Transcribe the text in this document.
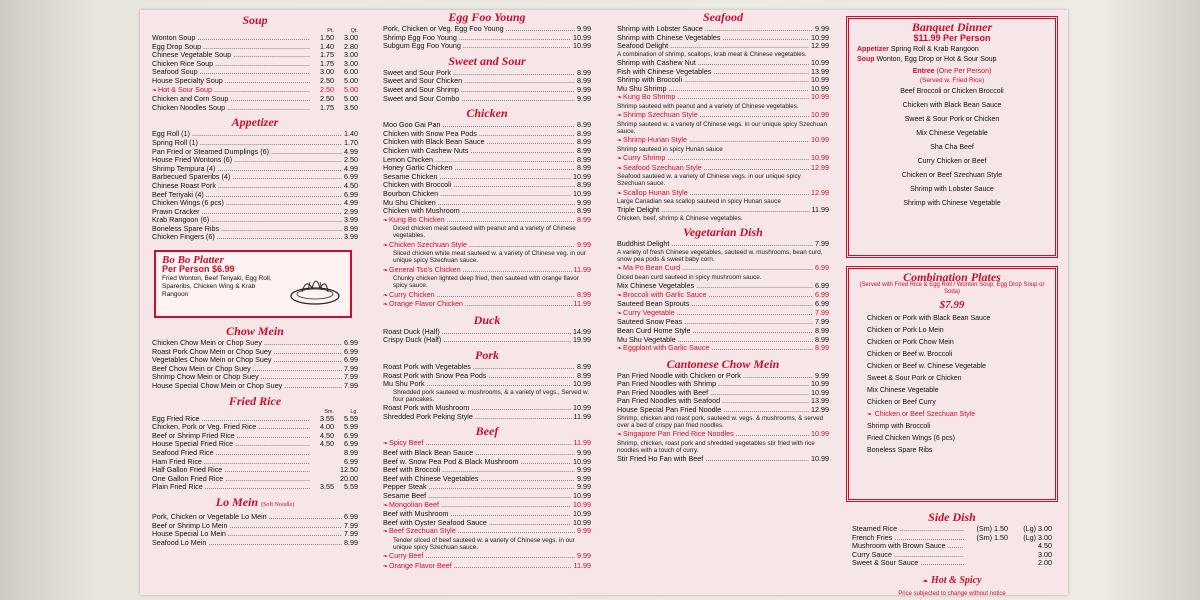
Soup
Pt.	Qt.
Wonton Soup .....	1.50	3.00
Egg Drop Soup .....	1.40	2.80
Chinese Vegetable Soup .....	1.75	3.00
Chicken Rice Soup .....	1.75	3.00
Seafood Soup .....	3.00	6.00
House Specialty Soup .....	2.50	5.00
❧ Hot & Sour Soup .....	2.50	5.00
Chicken and Corn Soup .....	2.50	5.00
Chicken Noodles Soup .....	1.75	3.50
Appetizer
Egg Roll (1) .....	1.40
Spring Roll (1) .....	1.70
Pan Fried or Steamed Dumplings (6) .....	4.99
House Fried Wontons (6) .....	2.50
Shrimp Tempura (4) .....	4.99
Barbecued Spareribs (4) .....	6.99
Chinese Roast Pork .....	4.50
Beef Teriyaki (4) .....	6.99
Chicken Wings (6 pcs) .....	4.99
Prawn Cracker .....	2.99
Krab Rangoon (6) .....	3.99
Boneless Spare Ribs .....	8.99
Chicken Fingers (6) .....	3.99
Bo Bo Platter
Per Person $6.99
Fried Wonton, Beef Teriyaki, Egg Roll, Spareribs, Chicken Wing & Krab Rangoon
Chow Mein
Chicken Chow Mein or Chop Suey .....	6.99
Roast Pork Chow Mein or Chop Suey .....	6.99
Vegetables Chow Mein or Chop Suey .....	6.99
Beef Chow Mein or Chop Suey .....	7.99
Shrimp Chow Mein or Chop Suey .....	7.99
House Special Chow Mein or Chop Suey .....	7.99
Fried Rice
Sm.	Lg.
Egg Fried Rice .....	3.55	5.59
Chicken, Pork or Veg. Fried Rice .....	4.00	5.99
Beef or Shrimp Fried Rice .....	4.50	6.99
House Special Fried Rice .....	4.50	6.99
Seafood Fried Rice .....	8.99
Ham Fried Rice .....	6.99
Half Gallon Fried Rice .....	12.50
One Gallon Fried Rice .....	20.00
Plain Fried Rice .....	3.55	5.59
Lo Mein (Soft Noodle)
Pork, Chicken or Vegetable Lo Mein .....	6.99
Beef or Shrimp Lo Mein .....	7.99
House Special Lo Mein .....	7.99
Seafood Lo Mein .....	8.99
Egg Foo Young
Pork, Chicken or Veg. Egg Foo Young .....	9.99
Shrimp Egg Foo Young .....	10.99
Subgum Egg Foo Young .....	10.99
Sweet and Sour
Sweet and Sour Pork .....	8.99
Sweet and Sour Chicken .....	8.99
Sweet and Sour Shrimp .....	9.99
Sweet and Sour Combo .....	9.99
Chicken
Moo Goo Gai Pan .....	8.99
Chicken with Snow Pea Pods .....	8.99
Chicken with Black Bean Sauce .....	8.99
Chicken with Cashew Nuts .....	8.99
Lemon Chicken .....	8.99
Honey Garlic Chicken .....	8.99
Sesame Chicken .....	10.99
Chicken with Broccoli .....	8.99
Bourbon Chicken .....	10.99
Mu Shu Chicken .....	9.99
Chicken with Mushroom .....	8.99
❧ Kung Bo Chicken .....	8.99
Diced chicken meat sauteed with peanut and a variety of Chinese vegetables.
❧ Chicken Szechuan Style .....	9.99
Sliced chicken white meat sauteed w. a variety of Chinese veg. in our unique spicy Szechuan sauce.
❧ General Tso's Chicken .....	11.99
Chunky chicken lighted deep fried, then sauteed with orange flavor spicy sauce.
❧ Curry Chicken .....	8.99
❧ Orange Flavor Chicken .....	11.99
Duck
Roast Duck (Half) .....	14.99
Crispy Duck (Half) .....	19.99
Pork
Roast Pork with Vegetables .....	8.99
Roast Pork with Snow Pea Pods .....	8.99
Mu Shu Pork .....	10.99
Shredded pork sauteed w. mushrooms, & a variety of vegs., Served w. four pancakes.
Roast Pork with Mushroom .....	10.99
Shredded Pork Peking Style .....	11.99
Beef
❧ Spicy Beef .....	11.99
Beef with Black Bean Sauce .....	9.99
Beef w. Snow Pea Pod & Black Mushroom .....	10.99
Beef with Broccoli .....	9.99
Beef with Chinese Vegetables .....	9.99
Pepper Steak .....	9.99
Sesame Beef .....	10.99
❧ Mongolian Beef .....	10.99
Beef with Mushroom .....	10.99
Beef with Oyster Seafood Sauce .....	10.99
❧ Beef Szechuan Style .....	9.99
Tender sliced of beef sauteed w. a variety of Chinese vegs. in our unique spicy Szechuan sauce.
❧ Curry Beef .....	9.99
❧ Orange Flavor Beef .....	11.99
Seafood
Shrimp with Lobster Sauce .....	9.99
Shrimp with Chinese Vegetables .....	10.99
Seafood Delight .....	12.99
A combination of shrimp, scallops, krab meat & Chinese vegetables.
Shrimp with Cashew Nut .....	10.99
Fish with Chinese Vegetables .....	13.99
Shrimp with Broccoli .....	10.99
Mu Shu Shrimp .....	10.99
❧ Kung Bo Shrimp .....	10.99
Shrimp sauteed with peanut and a variety of Chinese vegetables.
❧ Shrimp Szechuan Style .....	10.99
Shrimp sauteed w. a variety of Chinese vegs. in our unique spicy Szechuan sauce.
❧ Shrimp Hunan Style .....	10.99
Shrimp sauteed in spicy Hunan sauce
❧ Curry Shrimp .....	10.99
❧ Seafood Szechuan Style .....	12.99
Seafood sauteed w. a variety of Chinese vegs. in our unique spicy Szechuan sauce.
❧ Scallop Hunan Style .....	12.99
Large Canadian sea scallop sauteed in spicy Hunan sauce
Triple Delight .....	11.99
Chicken, beef, shrimp & Chinese vegetables.
Vegetarian Dish
Buddhist Delight .....	7.99
A variety of fresh Chinese vegetables, sauteed w. mushrooms, bean curd, snow pea pods & sweet baby corn.
❧ Ma Po Bean Curd .....	6.99
Diced bean curd sauteed in spicy mushroom sauce.
Mix Chinese Vegetables .....	6.99
❧ Broccoli with Garlic Sauce .....	6.99
Sauteed Bean Sprouts .....	6.99
❧ Curry Vegetable .....	7.99
Sauteed Snow Peas .....	7.99
Bean Curd Home Style .....	8.99
Mu Shu Vegetable .....	8.99
❧ Eggplant with Garlic Sauce .....	8.99
Cantonese Chow Mein
Pan Fried Noodle with Chicken or Pork .....	9.99
Pan Fried Noodles with Shrimp .....	10.99
Pan Fried Noodles with Beef .....	10.99
Pan Fried Noodles with Seafood .....	13.99
House Special Pan Fried Noodle .....	12.99
Shrimp, chicken and roast pork, sauteed w. vegs. & mushrooms, & served over a bed of crispy pan fried noodles.
❧ Singapore Pan Fried Rice Noodles .....	10.99
Shrimp, chicken, roast pork and shredded vegetables stir fried with rice noodles with a touch of curry.
Stir Fried Ho Fan with Beef .....	10.99
Banquet Dinner
$11.99 Per Person
Appetizer Spring Roll & Krab Rangoon
Soup Wonton, Egg Drop or Hot & Sour Soup
Entree (One Per Person)
(Served w. Fried Rice)
Beef Broccoli or Chicken Broccoli
Chicken with Black Bean Sauce
Sweet & Sour Pork or Chicken
Mix Chinese Vegetable
Sha Cha Beef
Curry Chicken or Beef
Chicken or Beef Szechuan Style
Shrimp with Lobster Sauce
Shrimp with Chinese Vegetable
Combination Plates
(Served with Fried Rice & Egg Roll / Wonton Soup, Egg Drop Soup or Soda)
$7.99
Chicken or Pork with Black Bean Sauce
Chicken or Pork Lo Mein
Chicken or Pork Chow Mein
Chicken or Beef w. Broccoli
Chicken or Beef w. Chinese Vegetable
Sweet & Sour Pork or Chicken
Mix Chinese Vegetable
Chicken or Beef Curry
❧ Chicken or Beef Szechuan Style
Shrimp with Broccoli
Fried Chicken Wings (6 pcs)
Boneless Spare Ribs
Side Dish
Steamed Rice .....	(Sm) 1.50	(Lg) 3.00
French Fries .....	(Sm) 1.50	(Lg) 3.00
Mushroom with Brown Sauce .....	4.50
Curry Sauce .....	3.00
Sweet & Sour Sauce .....	2.00
❧ Hot & Spicy
Price subjected to change without notice
